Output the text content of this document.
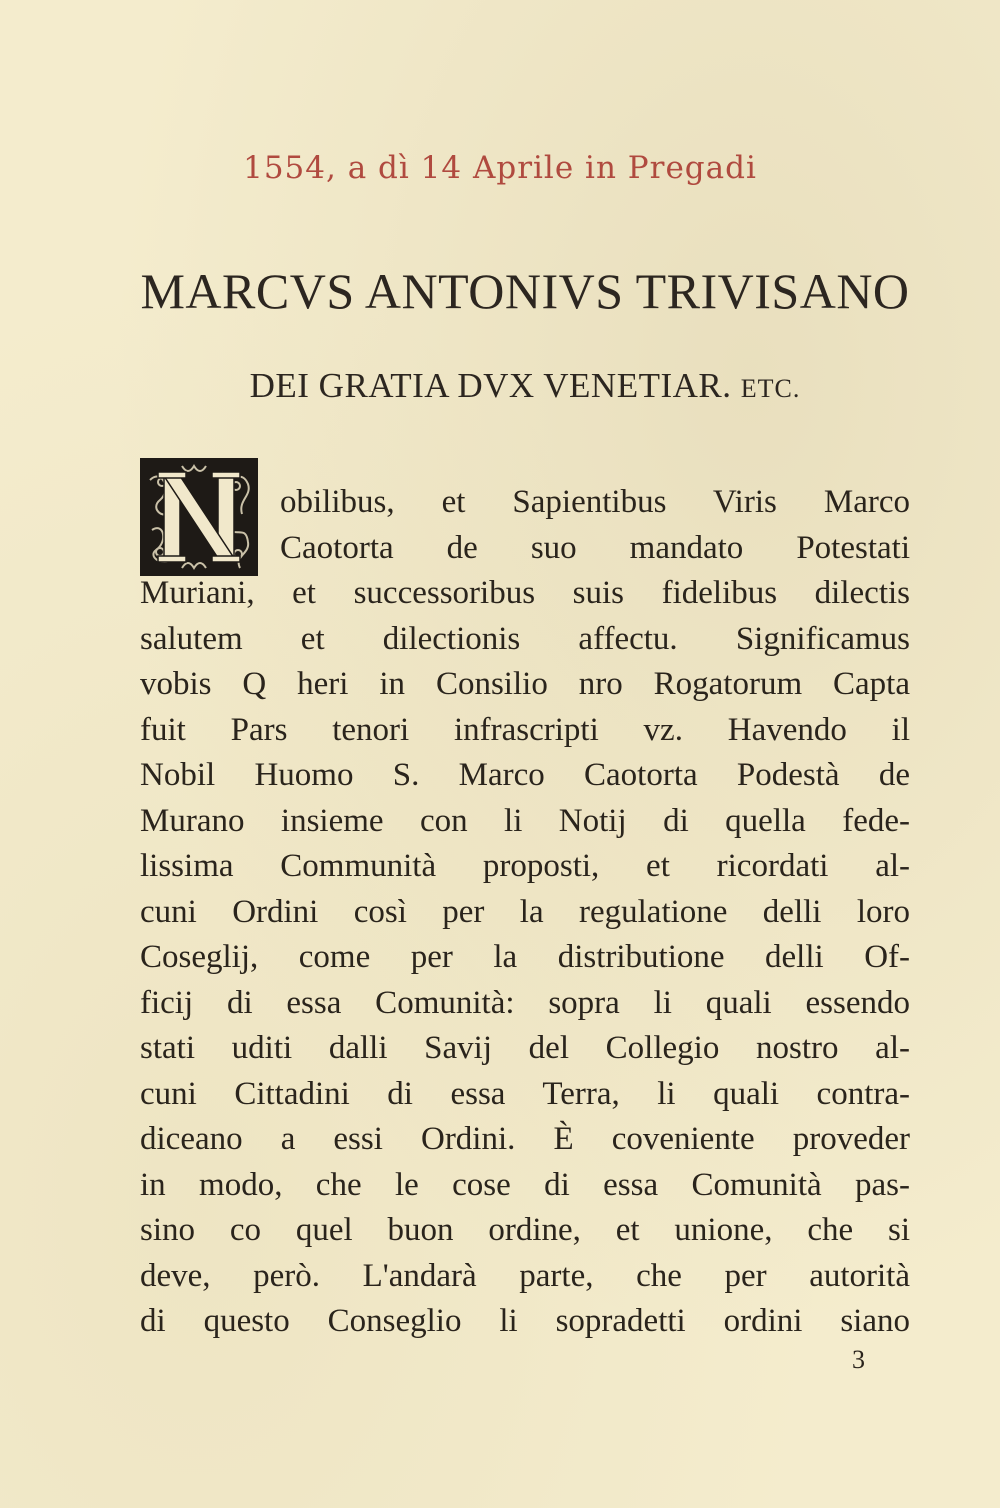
1554, a dì 14 Aprile in Pregadi
MARCVS ANTONIVS TRIVISANO
DEI GRATIA DVX VENETIAR. ETC.
obilibus, et Sapientibus Viris Marco
Caotorta de suo mandato Potestati
Muriani, et successoribus suis fidelibus dilectis
salutem et dilectionis affectu. Significamus
vobis Q heri in Consilio nro Rogatorum Capta
fuit Pars tenori infrascripti vz. Havendo il
Nobil Huomo S. Marco Caotorta Podestà de
Murano insieme con li Notij di quella fede-
lissima Communità proposti, et ricordati al-
cuni Ordini così per la regulatione delli loro
Coseglij, come per la distributione delli Of-
ficij di essa Comunità: sopra li quali essendo
stati uditi dalli Savij del Collegio nostro al-
cuni Cittadini di essa Terra, li quali contra-
diceano a essi Ordini. È coveniente proveder
in modo, che le cose di essa Comunità pas-
sino co quel buon ordine, et unione, che si
deve, però. L'andarà parte, che per autorità
di questo Conseglio li sopradetti ordini siano
3
